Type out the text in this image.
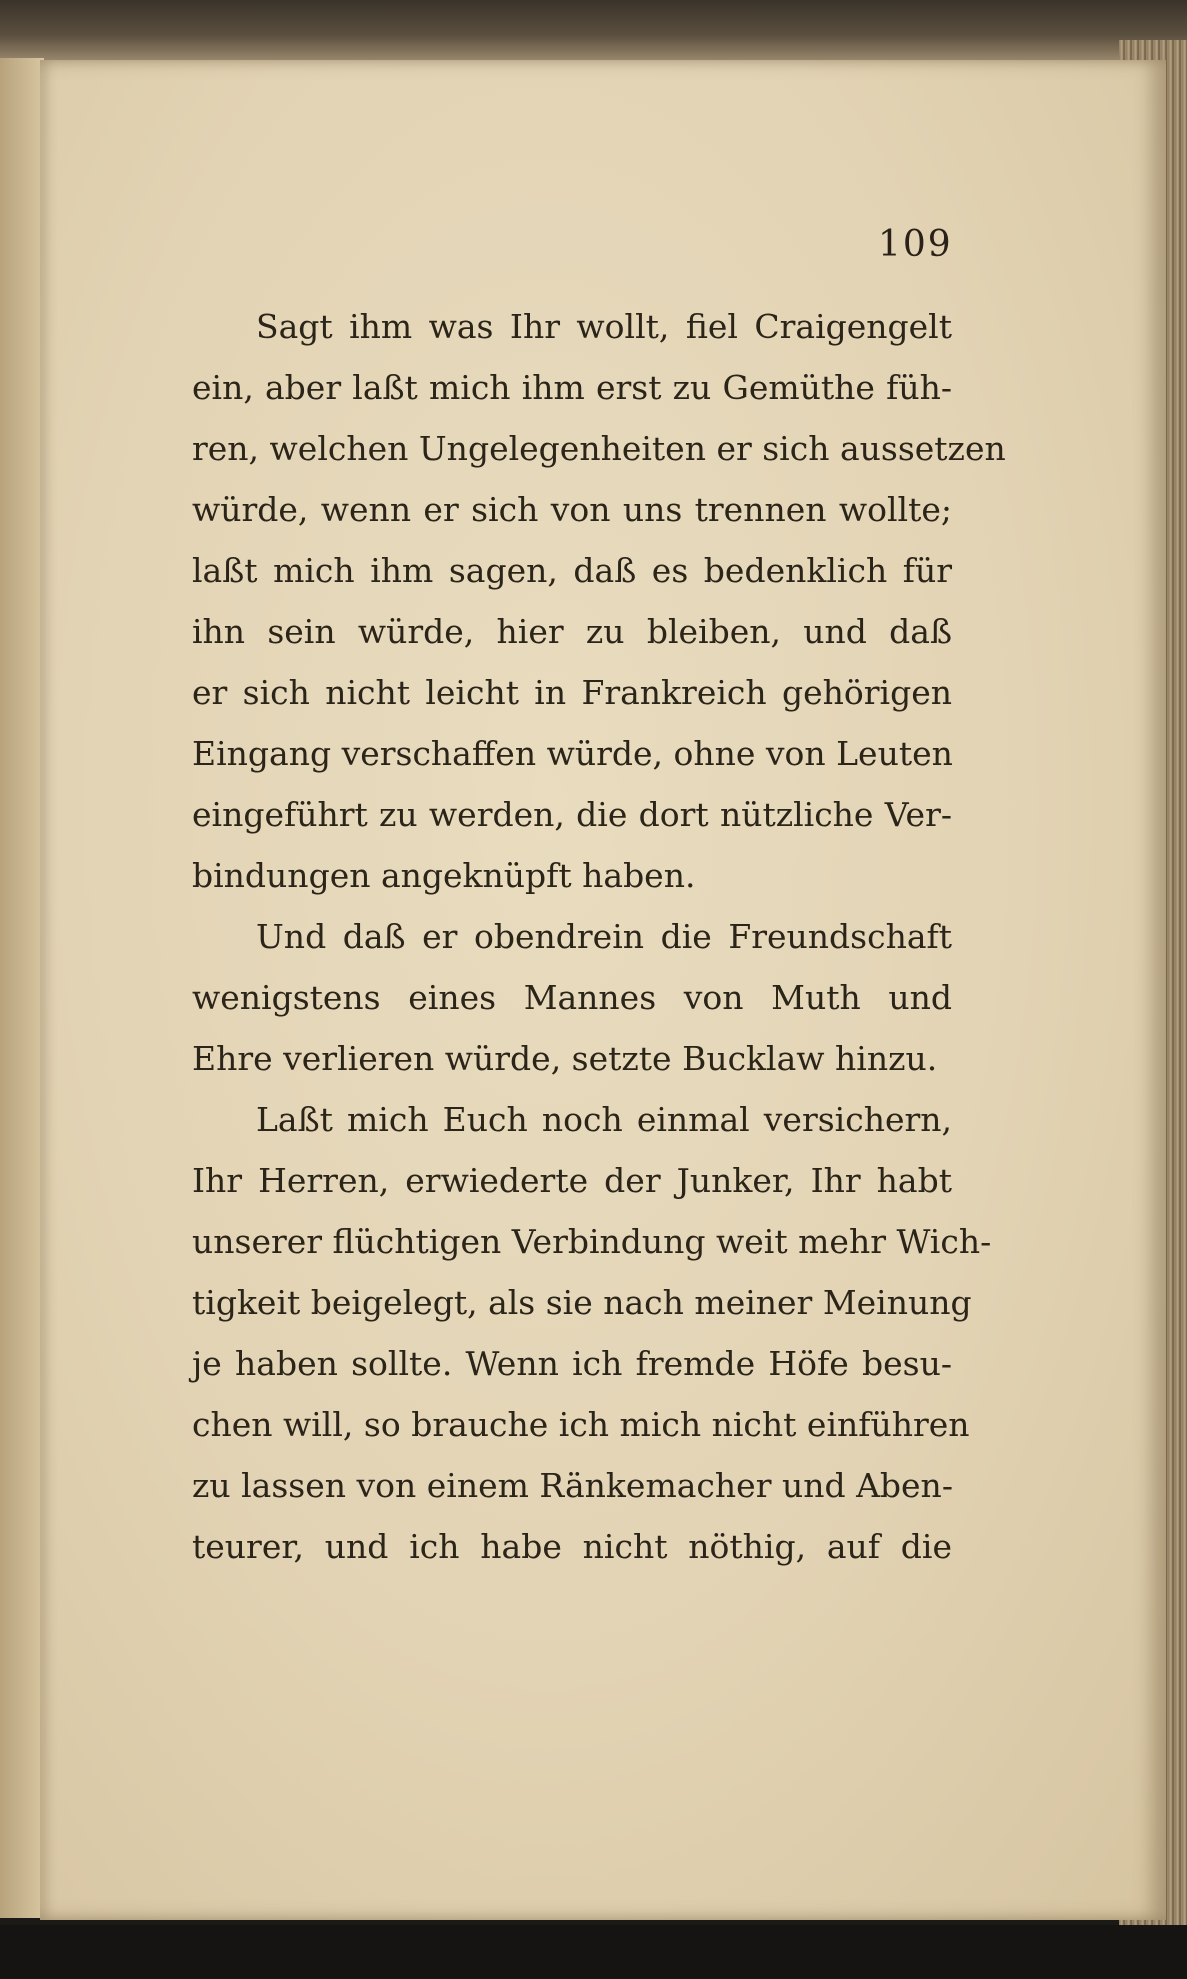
109
Sagt ihm was Ihr wollt, fiel Craigengelt
ein, aber laßt mich ihm erst zu Gemüthe füh-
ren, welchen Ungelegenheiten er sich aussetzen
würde, wenn er sich von uns trennen wollte;
laßt mich ihm sagen, daß es bedenklich für
ihn sein würde, hier zu bleiben, und daß
er sich nicht leicht in Frankreich gehörigen
Eingang verschaffen würde, ohne von Leuten
eingeführt zu werden, die dort nützliche Ver-
bindungen angeknüpft haben.
Und daß er obendrein die Freundschaft
wenigstens eines Mannes von Muth und
Ehre verlieren würde, setzte Bucklaw hinzu.
Laßt mich Euch noch einmal versichern,
Ihr Herren, erwiederte der Junker, Ihr habt
unserer flüchtigen Verbindung weit mehr Wich-
tigkeit beigelegt, als sie nach meiner Meinung
je haben sollte. Wenn ich fremde Höfe besu-
chen will, so brauche ich mich nicht einführen
zu lassen von einem Ränkemacher und Aben-
teurer, und ich habe nicht nöthig, auf die
